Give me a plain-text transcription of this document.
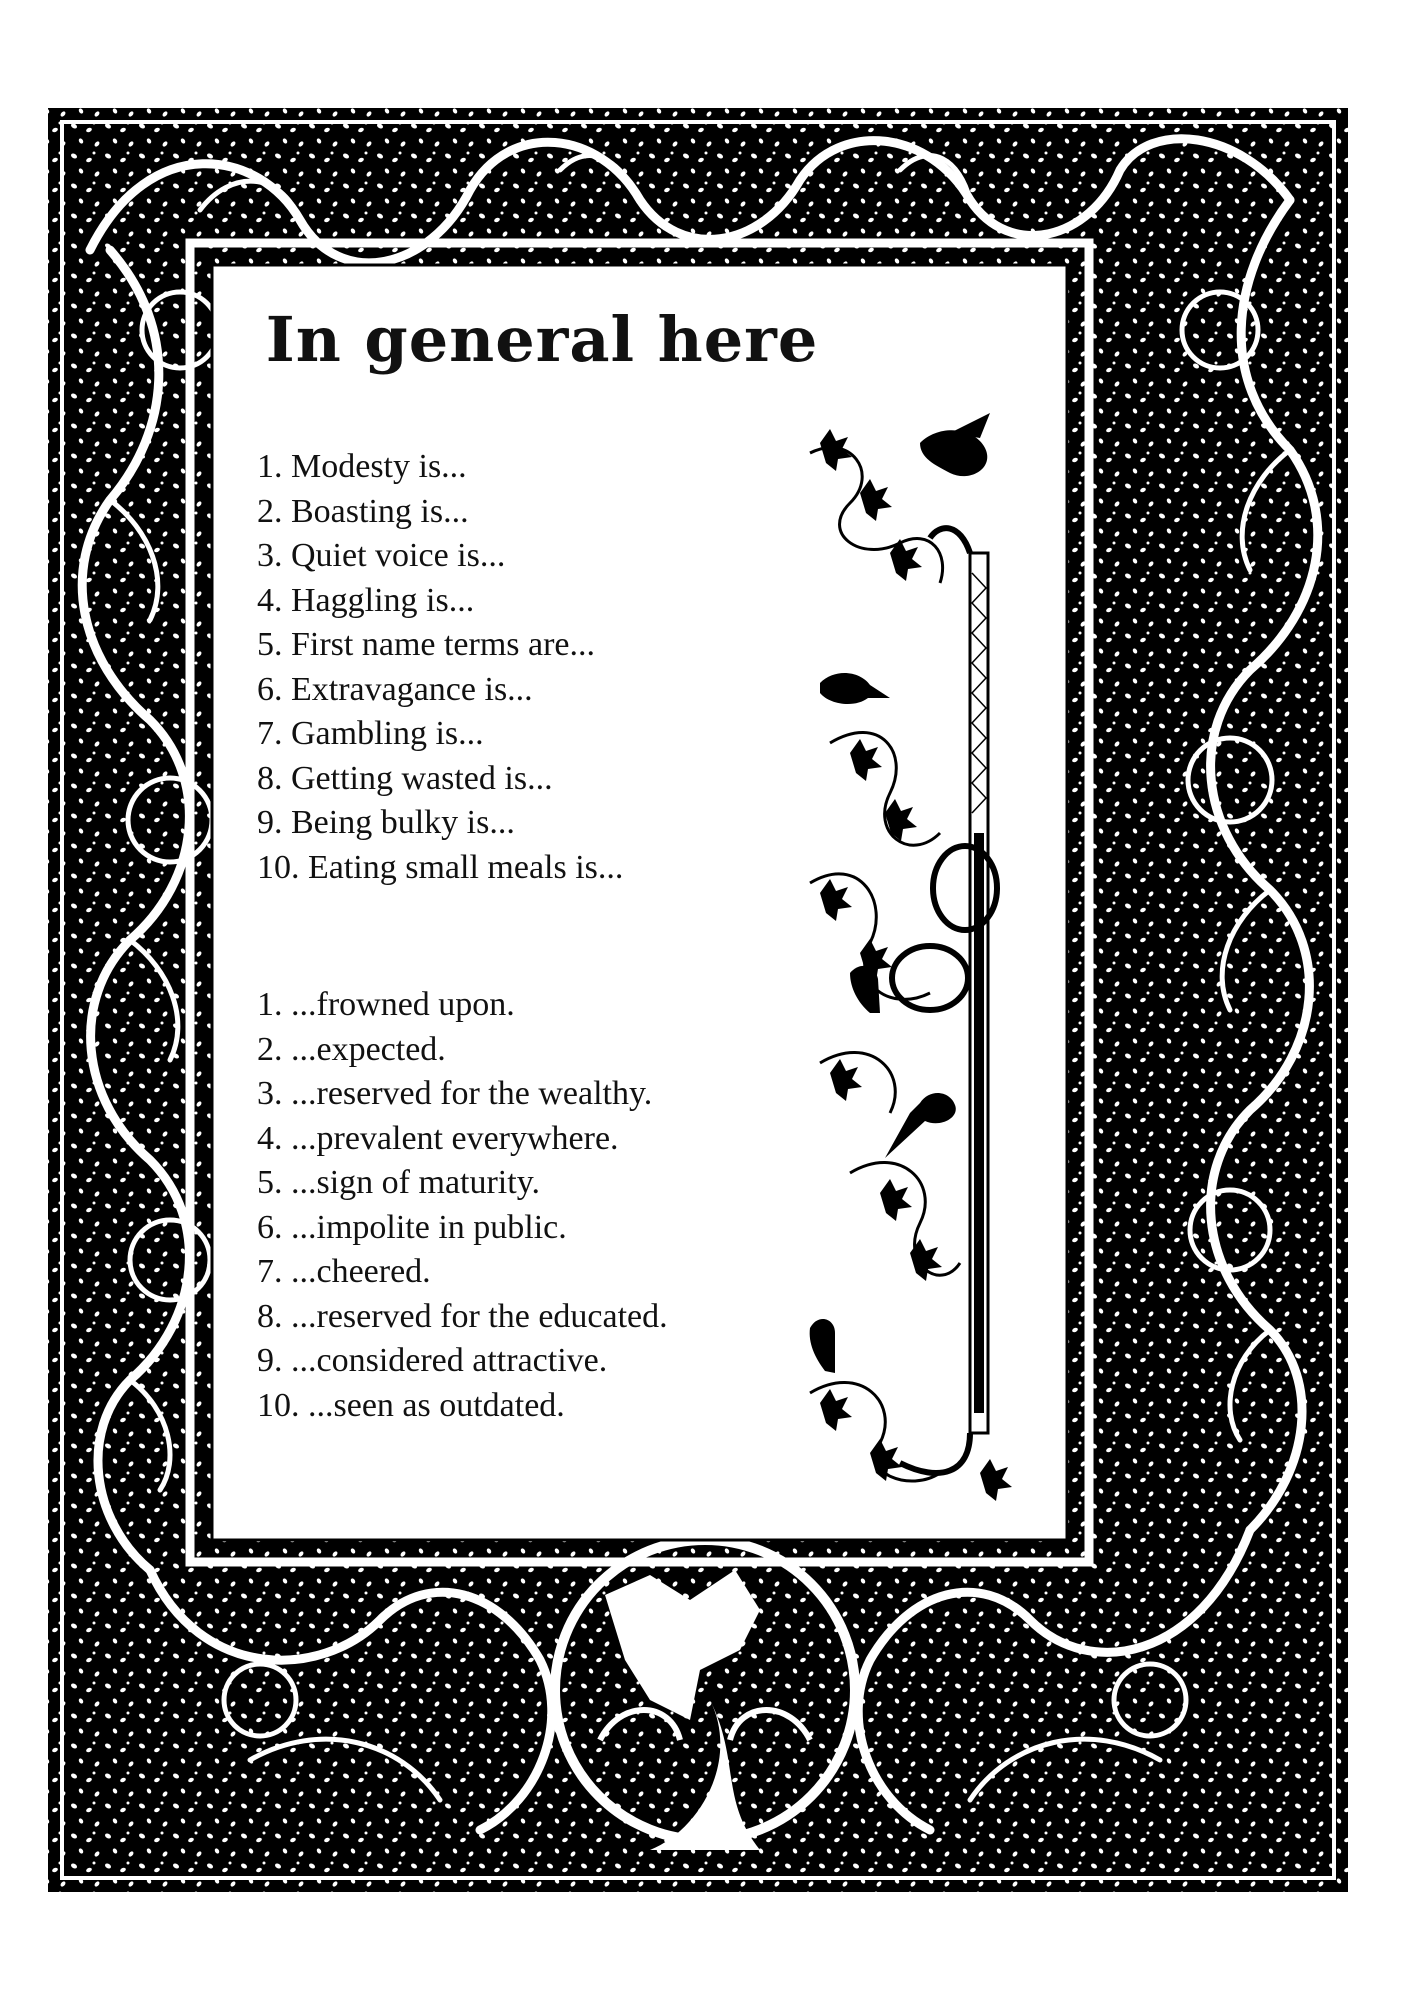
In general here
1. Modesty is...
2. Boasting is...
3. Quiet voice is...
4. Haggling is...
5. First name terms are...
6. Extravagance is...
7. Gambling is...
8. Getting wasted is...
9. Being bulky is...
10. Eating small meals is...
1. ...frowned upon.
2. ...expected.
3. ...reserved for the wealthy.
4. ...prevalent everywhere.
5. ...sign of maturity.
6. ...impolite in public.
7. ...cheered.
8. ...reserved for the educated.
9. ...considered attractive.
10. ...seen as outdated.
